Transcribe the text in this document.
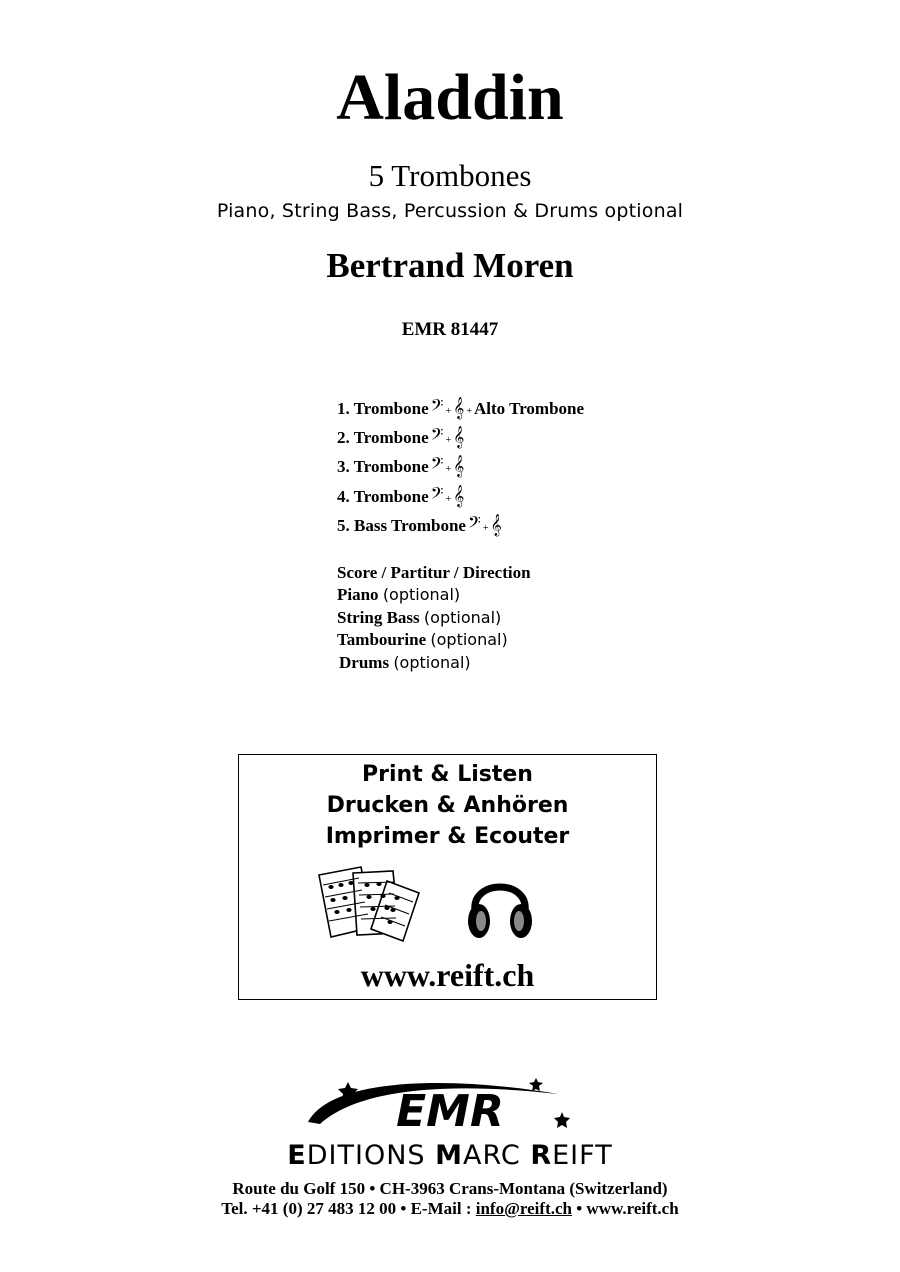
Aladdin
5 Trombones
Piano, String Bass, Percussion & Drums optional
Bertrand Moren
EMR 81447
1. Trombone 𝄢 + 𝄞 + Alto Trombone
2. Trombone 𝄢 + 𝄞
3. Trombone 𝄢 + 𝄞
4. Trombone 𝄢 + 𝄞
5. Bass Trombone 𝄢 + 𝄞
Score / Partitur / Direction
Piano (optional)
String Bass (optional)
Tambourine (optional)
Drums (optional)
Print & Listen
Drucken & Anhören
Imprimer & Ecouter
www.reift.ch
EMR
EDITIONS MARC REIFT
Route du Golf 150 • CH-3963 Crans-Montana (Switzerland)
Tel. +41 (0) 27 483 12 00 • E-Mail : info@reift.ch • www.reift.ch
